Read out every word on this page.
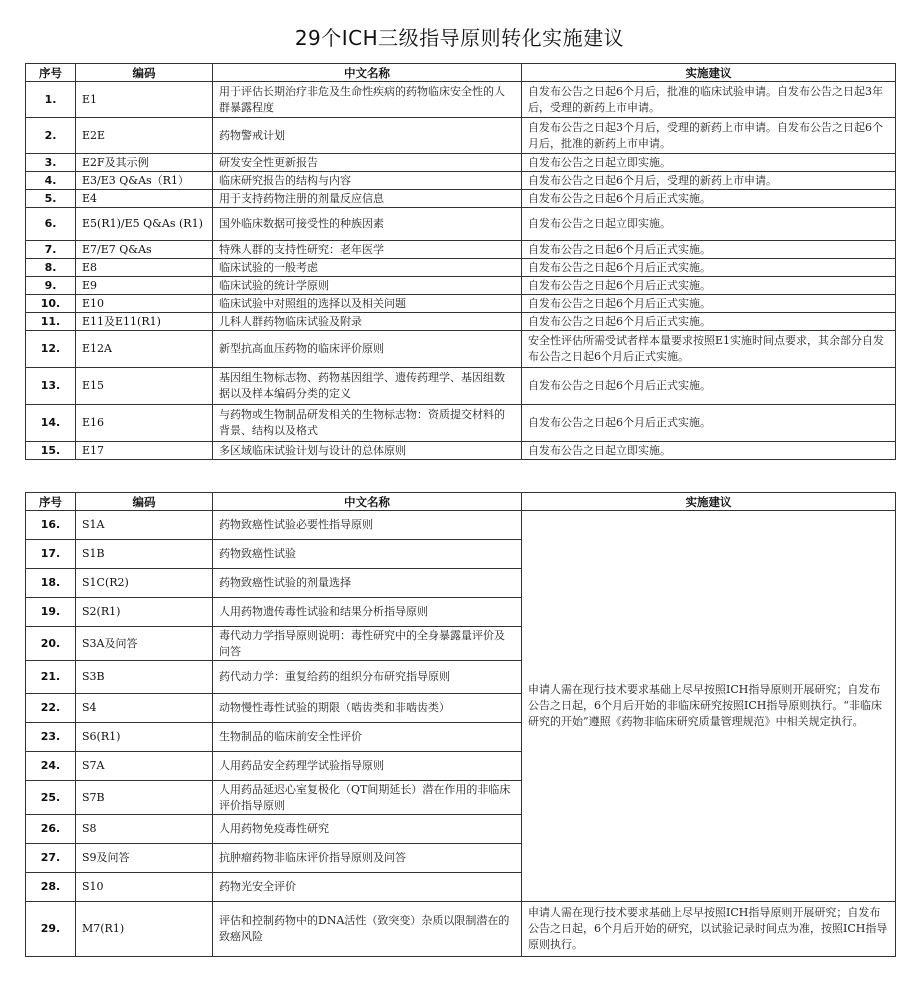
29个ICH三级指导原则转化实施建议
序号	编码	中文名称	实施建议
1.	E1	用于评估长期治疗非危及生命性疾病的药物临床安全性的人群暴露程度	自发布公告之日起6个月后，批准的临床试验申请。自发布公告之日起3年后，受理的新药上市申请。
2.	E2E	药物警戒计划	自发布公告之日起3个月后，受理的新药上市申请。自发布公告之日起6个月后，批准的新药上市申请。
3.	E2F及其示例	研发安全性更新报告	自发布公告之日起立即实施。
4.	E3/E3 Q&As（R1）	临床研究报告的结构与内容	自发布公告之日起6个月后，受理的新药上市申请。
5.	E4	用于支持药物注册的剂量反应信息	自发布公告之日起6个月后正式实施。
6.	E5(R1)/E5 Q&As (R1)	国外临床数据可接受性的种族因素	自发布公告之日起立即实施。
7.	E7/E7 Q&As	特殊人群的支持性研究：老年医学	自发布公告之日起6个月后正式实施。
8.	E8	临床试验的一般考虑	自发布公告之日起6个月后正式实施。
9.	E9	临床试验的统计学原则	自发布公告之日起6个月后正式实施。
10.	E10	临床试验中对照组的选择以及相关问题	自发布公告之日起6个月后正式实施。
11.	E11及E11(R1)	儿科人群药物临床试验及附录	自发布公告之日起6个月后正式实施。
12.	E12A	新型抗高血压药物的临床评价原则	安全性评估所需受试者样本量要求按照E1实施时间点要求，其余部分自发布公告之日起6个月后正式实施。
13.	E15	基因组生物标志物、药物基因组学、遗传药理学、基因组数据以及样本编码分类的定义	自发布公告之日起6个月后正式实施。
14.	E16	与药物或生物制品研发相关的生物标志物：资质提交材料的背景、结构以及格式	自发布公告之日起6个月后正式实施。
15.	E17	多区域临床试验计划与设计的总体原则	自发布公告之日起立即实施。
序号	编码	中文名称	实施建议
16.	S1A	药物致癌性试验必要性指导原则	申请人需在现行技术要求基础上尽早按照ICH指导原则开展研究；自发布公告之日起，6个月后开始的非临床研究按照ICH指导原则执行。“非临床研究的开始”遵照《药物非临床研究质量管理规范》中相关规定执行。
17.	S1B	药物致癌性试验	
18.	S1C(R2)	药物致癌性试验的剂量选择	
19.	S2(R1)	人用药物遗传毒性试验和结果分析指导原则	
20.	S3A及问答	毒代动力学指导原则说明：毒性研究中的全身暴露量评价及问答	
21.	S3B	药代动力学：重复给药的组织分布研究指导原则	
22.	S4	动物慢性毒性试验的期限（啮齿类和非啮齿类）	
23.	S6(R1)	生物制品的临床前安全性评价	
24.	S7A	人用药品安全药理学试验指导原则	
25.	S7B	人用药品延迟心室复极化（QT间期延长）潜在作用的非临床评价指导原则	
26.	S8	人用药物免疫毒性研究	
27.	S9及问答	抗肿瘤药物非临床评价指导原则及问答	
28.	S10	药物光安全评价	
29.	M7(R1)	评估和控制药物中的DNA活性（致突变）杂质以限制潜在的致癌风险	申请人需在现行技术要求基础上尽早按照ICH指导原则开展研究；自发布公告之日起，6个月后开始的研究，以试验记录时间点为准，按照ICH指导原则执行。
